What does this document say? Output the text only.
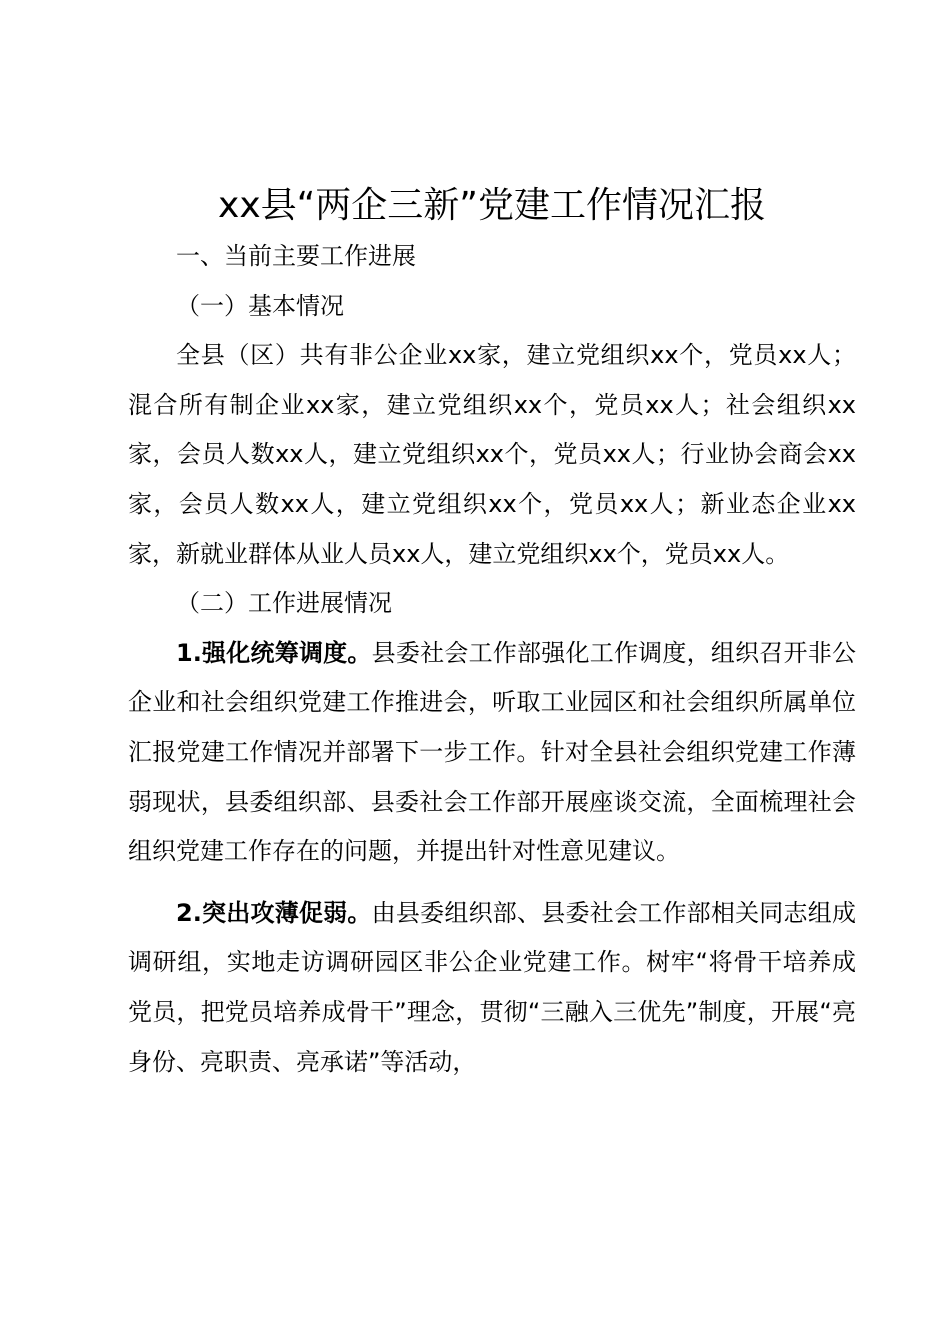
xx县“两企三新”党建工作情况汇报

一、当前主要工作进展

（一）基本情况

全县（区）共有非公企业xx家，建立党组织xx个，党员xx人；混合所有制企业xx家，建立党组织xx个，党员xx人；社会组织xx家，会员人数xx人，建立党组织xx个，党员xx人；行业协会商会xx家，会员人数xx人，建立党组织xx个，党员xx人；新业态企业xx家，新就业群体从业人员xx人，建立党组织xx个，党员xx人。

（二）工作进展情况

1.强化统筹调度。县委社会工作部强化工作调度，组织召开非公企业和社会组织党建工作推进会，听取工业园区和社会组织所属单位汇报党建工作情况并部署下一步工作。针对全县社会组织党建工作薄弱现状，县委组织部、县委社会工作部开展座谈交流，全面梳理社会组织党建工作存在的问题，并提出针对性意见建议。

2.突出攻薄促弱。由县委组织部、县委社会工作部相关同志组成调研组，实地走访调研园区非公企业党建工作。树牢“将骨干培养成党员，把党员培养成骨干”理念，贯彻“三融入三优先”制度，开展“亮身份、亮职责、亮承诺”等活动，
